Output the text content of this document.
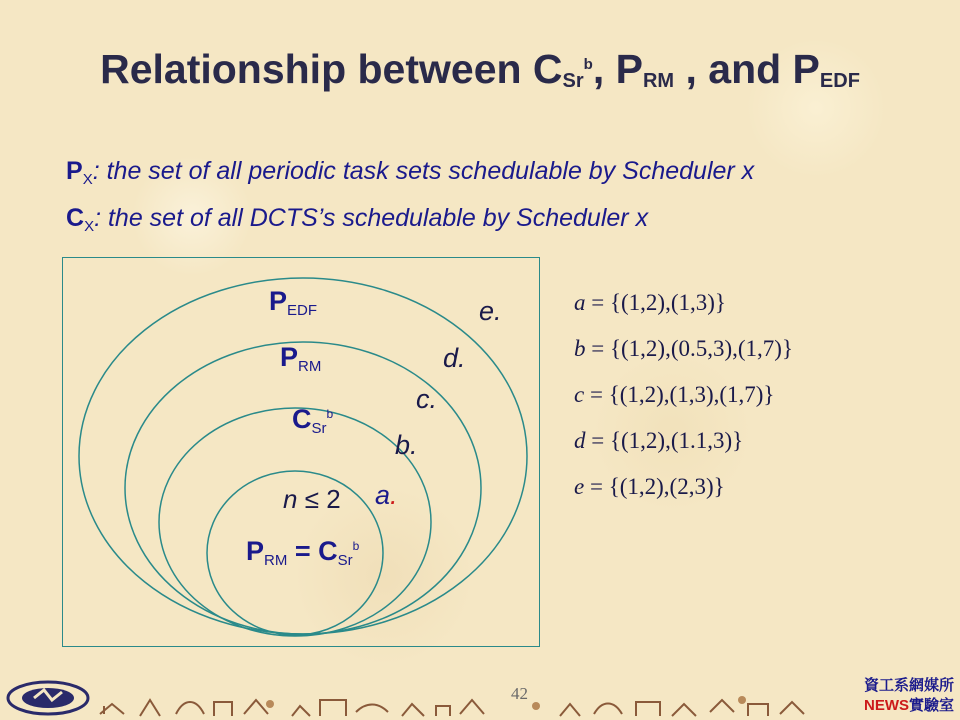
Relationship between $C_{Sr}^b$, $P_{RM}$ , and $P_{EDF}$
$P_X$: the set of all periodic task sets schedulable by Scheduler x
$C_X$: the set of all DCTS’s schedulable by Scheduler x
$P_{EDF}$
$P_{RM}$
$C_{Sr}^b$
$P_{RM} = C_{Sr}^b$
n ≤ 2 a.
b.
c.
d.
e.	a = {(1,2),(1,3)}
b = {(1,2),(0.5,3),(1,7)}
c = {(1,2),(1,3),(1,7)}
d = {(1,2),(1.1,3)}
e = {(1,2),(2,3)}
42	資工系網媒所
NEWS實驗室
